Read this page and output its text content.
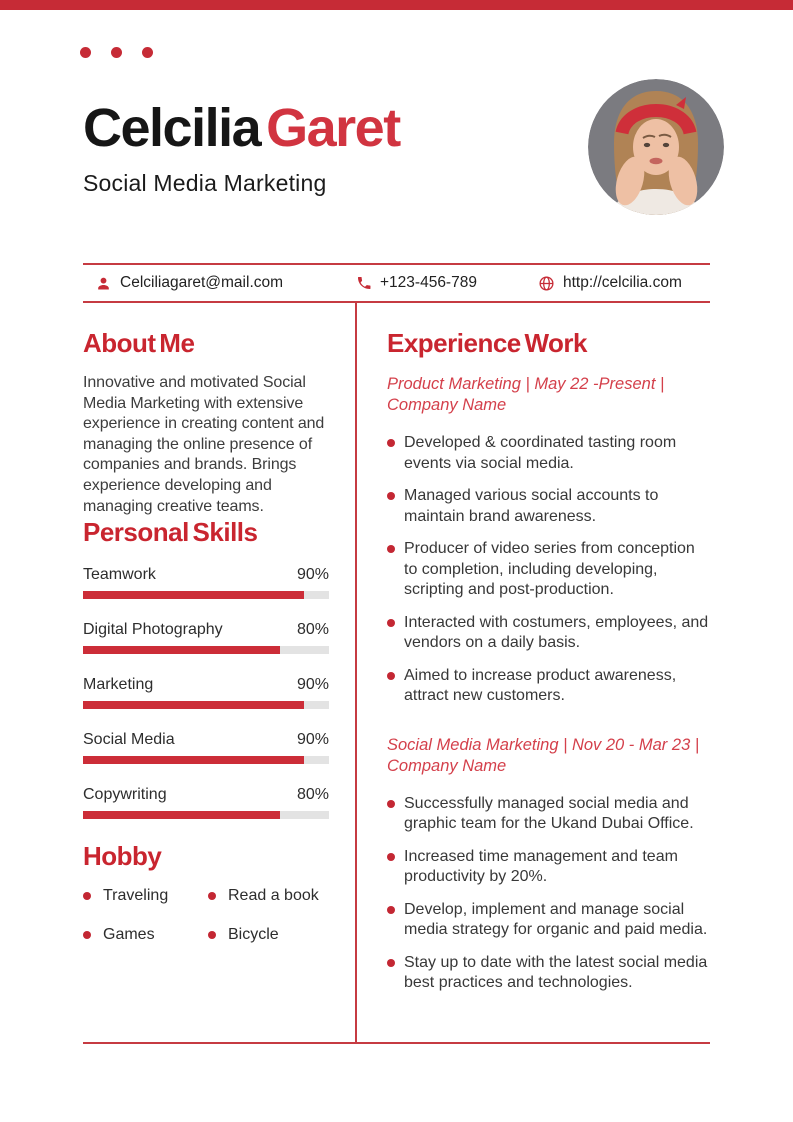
Celcilia Garet
Social Media Marketing
Celciliagaret@mail.com	+123-456-789	http://celcilia.com
About Me
Innovative and motivated Social Media Marketing with extensive experience in creating content and managing the online presence of companies and brands. Brings experience developing and managing creative teams.
Personal Skills
Teamwork	90%
Digital Photography	80%
Marketing	90%
Social Media	90%
Copywriting	80%
Hobby
Traveling	Read a book
Games	Bicycle
Experience Work
Product Marketing | May 22 -Present | Company Name
Developed & coordinated tasting room events via social media.
Managed various social accounts to maintain brand awareness.
Producer of video series from conception to completion, including developing, scripting and post-production.
Interacted with costumers, employees, and vendors on a daily basis.
Aimed to increase product awareness, attract new customers.
Social Media Marketing | Nov 20 - Mar 23 | Company Name
Successfully managed social media and graphic team for the Ukand Dubai Office.
Increased time management and team productivity by 20%.
Develop, implement and manage social media strategy for organic and paid media.
Stay up to date with the latest social media best practices and technologies.
